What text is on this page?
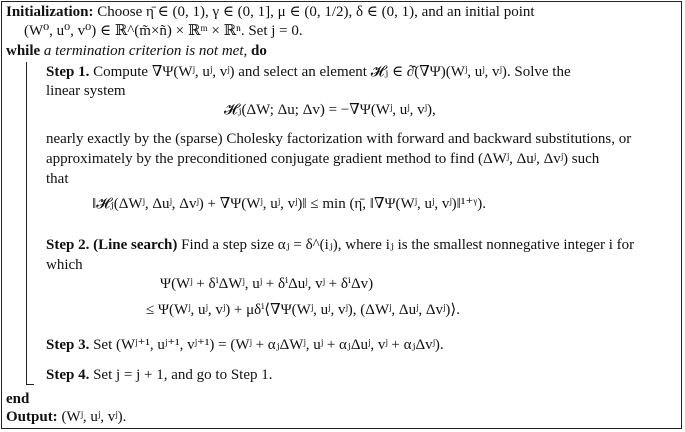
Initialization: Choose η̄ ∈ (0, 1), γ ∈ (0, 1], μ ∈ (0, 1/2), δ ∈ (0, 1), and an initial point
(W⁰, u⁰, v⁰) ∈ ℝ^(m̃×ñ) × ℝᵐ × ℝⁿ. Set j = 0.
while a termination criterion is not met, do
Step 1. Compute ∇Ψ(Wʲ, uʲ, vʲ) and select an element 𝓗ⱼ ∈ ∂̂(∇Ψ)(Wʲ, uʲ, vʲ). Solve the
linear system
𝓗ⱼ(ΔW; Δu; Δv) = −∇Ψ(Wʲ, uʲ, vʲ),
nearly exactly by the (sparse) Cholesky factorization with forward and backward substitutions, or
approximately by the preconditioned conjugate gradient method to find (ΔWʲ, Δuʲ, Δvʲ) such
that
‖𝓗ⱼ(ΔWʲ, Δuʲ, Δvʲ) + ∇Ψ(Wʲ, uʲ, vʲ)‖ ≤ min (η̄, ‖∇Ψ(Wʲ, uʲ, vʲ)‖¹⁺ᵞ).
Step 2. (Line search) Find a step size αⱼ = δ^(iⱼ), where iⱼ is the smallest nonnegative integer i for
which
Ψ(Wʲ + δⁱΔWʲ, uʲ + δⁱΔuʲ, vʲ + δⁱΔv)
≤ Ψ(Wʲ, uʲ, vʲ) + μδⁱ⟨∇Ψ(Wʲ, uʲ, vʲ), (ΔWʲ, Δuʲ, Δvʲ)⟩.
Step 3. Set (Wʲ⁺¹, uʲ⁺¹, vʲ⁺¹) = (Wʲ + αⱼΔWʲ, uʲ + αⱼΔuʲ, vʲ + αⱼΔvʲ).
Step 4. Set j = j + 1, and go to Step 1.
end
Output: (Wʲ, uʲ, vʲ).
